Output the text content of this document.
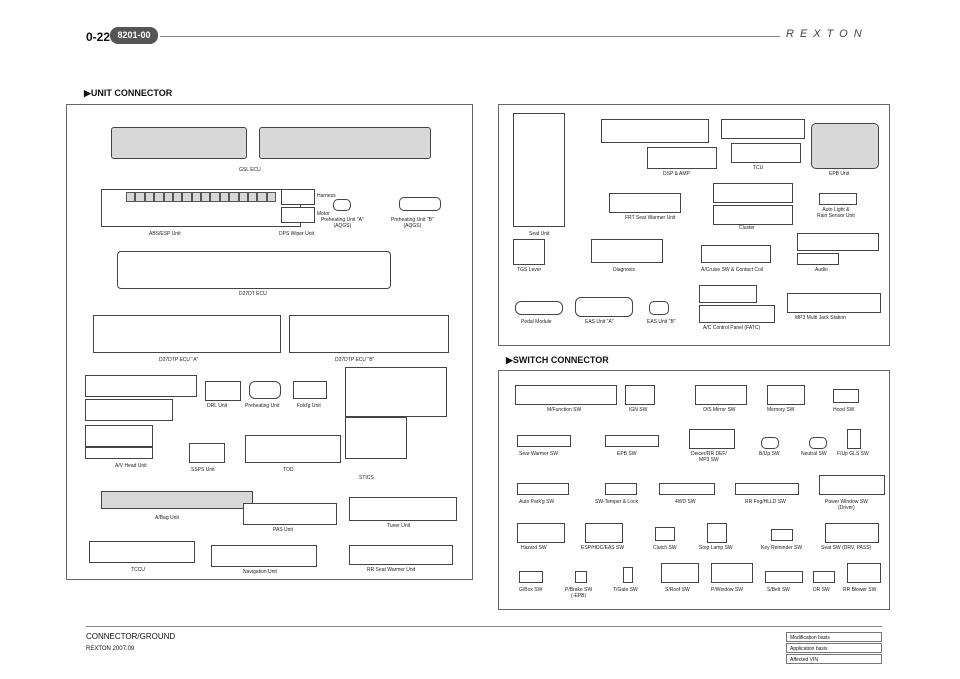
0-22 8201-00	REXTON
▶UNIT CONNECTOR
GSL ECU
ABS/ESP Unit
Harness
Motor
DPS Wiper Unit
Preheating Unit "A"
(AQGS)
Preheating Unit "B"
(AQGS)
D27DT ECU
D27DTP ECU "A"	D27DTP ECU "B"
A/V Head Unit
DRL Unit	Preheating Unit	Fold'g Unit
SSPS Unit	TOD
STICS
A/Bag Unit
PAS Unit
Tuner Unit
TCCU	Navigation Unit	RR Seat Warmer Unit
Seat Unit
DSP & AMP
TCU
EPB Unit
FRT Seat Warmer Unit
Cluster
Auto Light &
Rain Sensor Unit
TGS Lever	Diagnosis	A/Cruise SW & Contact Coil	Audio
Pedal Module	EAS Unit "A"	EAS Unit "B"
A/C Control Panel (FATC)
MP3 Multi Jack Station
▶SWITCH CONNECTOR
M/Function SW	IGN SW	O/S Mirror SW	Memory SW	Hood SW
Sear Warmer SW	EPB SW	Deicer/RR DEF/
MP3 SW
B/Up SW	Neutral SW F/Up GLS SW
Auto Park'g SW	SW-Temper & Lock	4WD SW	RR Fog/HLLD SW	Power Window SW
(Driver)
Hazard SW	ESP/HDC/EAS SW	Clutch SW	Stop Lamp SW	Key Reminder SW	Seat SW (DRV, PASS)
G/Box SW	P/Brake SW
(-EPB)
T/Gate SW	S/Roof SW	P/Window SW	S/Belt SW	DR SW	RR Blower SW
CONNECTOR/GROUND
REXTON 2007.09
Modification basis
Application basis
Affected VIN
